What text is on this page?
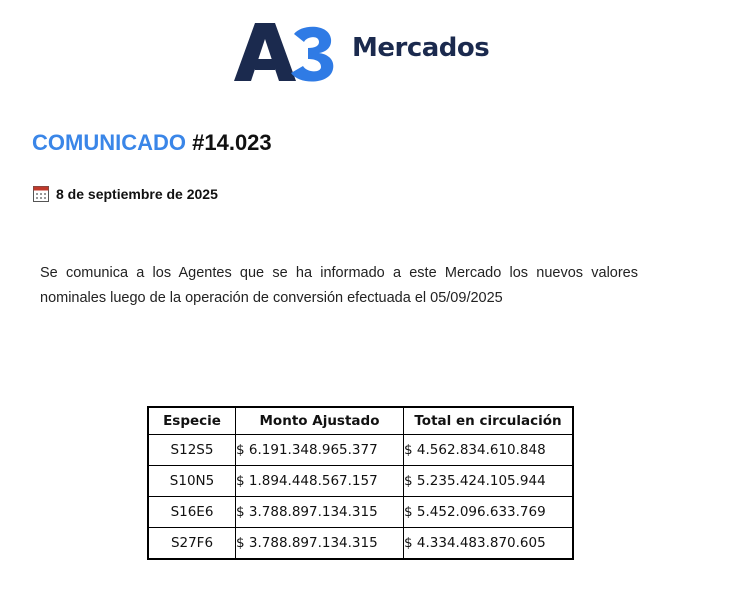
Mercados
COMUNICADO #14.023
8 de septiembre de 2025
Se comunica a los Agentes que se ha informado a este Mercado los nuevos valores nominales luego de la operación de conversión efectuada el 05/09/2025
Especie	Monto Ajustado	Total en circulación
S12S5	$ 6.191.348.965.377	$ 4.562.834.610.848
S10N5	$ 1.894.448.567.157	$ 5.235.424.105.944
S16E6	$ 3.788.897.134.315	$ 5.452.096.633.769
S27F6	$ 3.788.897.134.315	$ 4.334.483.870.605
